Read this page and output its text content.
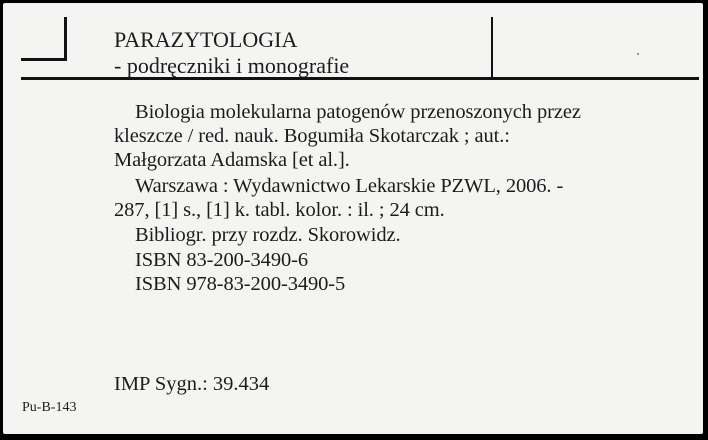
PARAZYTOLOGIA
- podręczniki i monografie
Biologia molekularna patogenów przenoszonych przez
kleszcze / red. nauk. Bogumiła Skotarczak ; aut.:
Małgorzata Adamska [et al.].
Warszawa : Wydawnictwo Lekarskie PZWL, 2006. -
287, [1] s., [1] k. tabl. kolor. : il. ; 24 cm.
Bibliogr. przy rozdz. Skorowidz.
ISBN 83-200-3490-6
ISBN 978-83-200-3490-5
IMP Sygn.: 39.434
Pu-B-143
